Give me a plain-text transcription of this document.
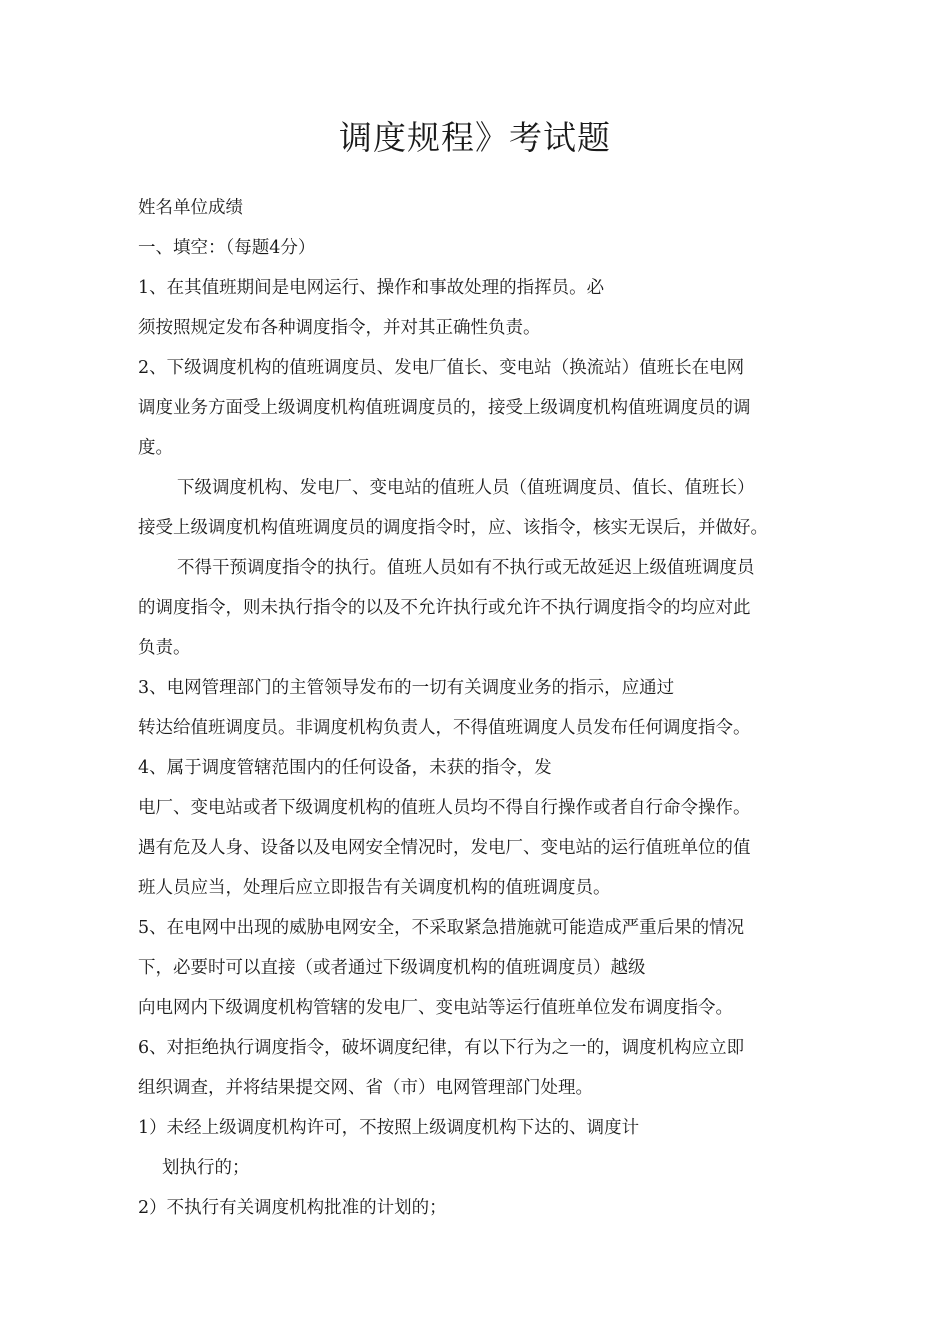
调度规程》考试题
姓名单位成绩
一、填空：（每题4分）
1、在其值班期间是电网运行、操作和事故处理的指挥员。必
须按照规定发布各种调度指令，并对其正确性负责。
2、下级调度机构的值班调度员、发电厂值长、变电站（换流站）值班长在电网
调度业务方面受上级调度机构值班调度员的，接受上级调度机构值班调度员的调
度。
下级调度机构、发电厂、变电站的值班人员（值班调度员、值长、值班长）
接受上级调度机构值班调度员的调度指令时，应、该指令，核实无误后，并做好。
不得干预调度指令的执行。值班人员如有不执行或无故延迟上级值班调度员
的调度指令，则未执行指令的以及不允许执行或允许不执行调度指令的均应对此
负责。
3、电网管理部门的主管领导发布的一切有关调度业务的指示，应通过
转达给值班调度员。非调度机构负责人，不得值班调度人员发布任何调度指令。
4、属于调度管辖范围内的任何设备，未获的指令，发
电厂、变电站或者下级调度机构的值班人员均不得自行操作或者自行命令操作。
遇有危及人身、设备以及电网安全情况时，发电厂、变电站的运行值班单位的值
班人员应当，处理后应立即报告有关调度机构的值班调度员。
5、在电网中出现的威胁电网安全，不采取紧急措施就可能造成严重后果的情况
下，必要时可以直接（或者通过下级调度机构的值班调度员）越级
向电网内下级调度机构管辖的发电厂、变电站等运行值班单位发布调度指令。
6、对拒绝执行调度指令，破坏调度纪律，有以下行为之一的，调度机构应立即
组织调查，并将结果提交网、省（市）电网管理部门处理。
1）未经上级调度机构许可，不按照上级调度机构下达的、调度计
划执行的；
2）不执行有关调度机构批准的计划的；
